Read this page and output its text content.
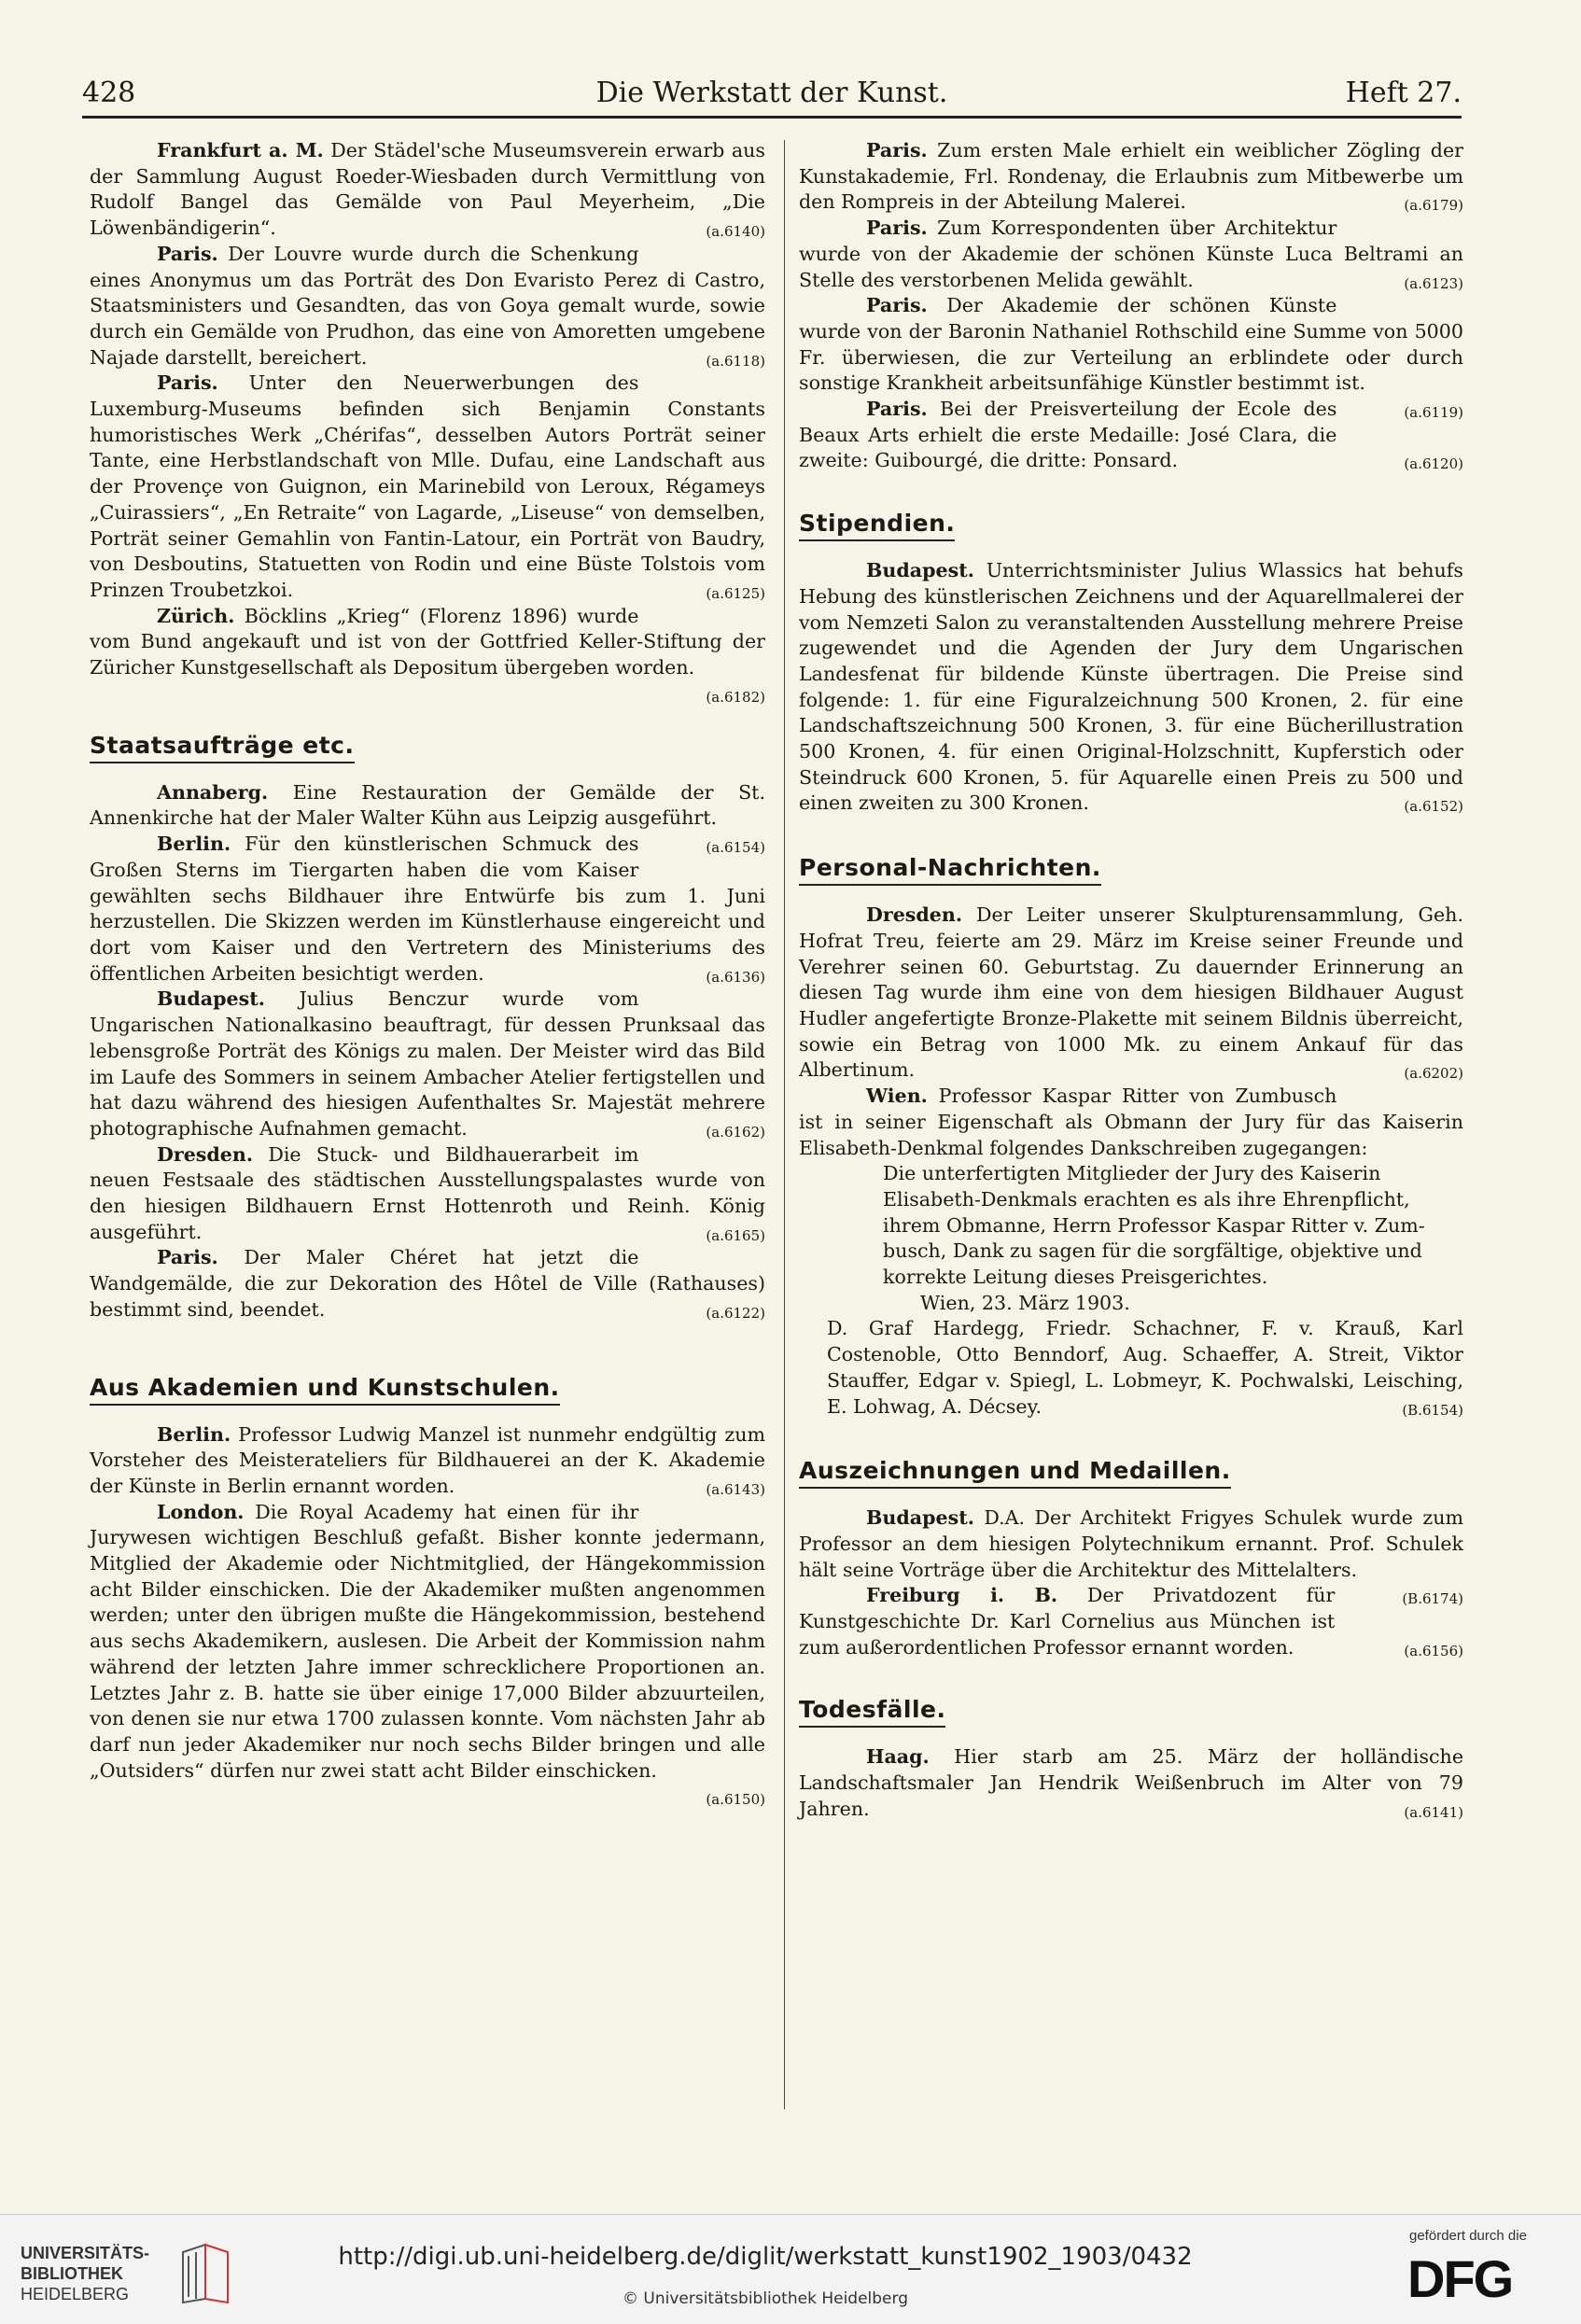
428	Die Werkstatt der Kunst.	Heft 27.

Frankfurt a. M. Der Städel'sche Museumsverein erwarb aus der Sammlung August Roeder-Wiesbaden durch Vermittlung von Rudolf Bangel das Gemälde von Paul Meyerheim, „Die Löwenbändigerin“.	(a.6140)

Paris. Der Louvre wurde durch die Schenkung eines Anonymus um das Porträt des Don Evaristo Perez di Castro, Staatsministers und Gesandten, das von Goya gemalt wurde, sowie durch ein Gemälde von Prudhon, das eine von Amoretten umgebene Najade darstellt, bereichert.	(a.6118)

Paris. Unter den Neuerwerbungen des Luxemburg-Museums befinden sich Benjamin Constants humoristisches Werk „Chérifas“, desselben Autors Porträt seiner Tante, eine Herbstlandschaft von Mlle. Dufau, eine Landschaft aus der Provençe von Guignon, ein Marinebild von Leroux, Régameys „Cuirassiers“, „En Retraite“ von Lagarde, „Liseuse“ von demselben, Porträt seiner Gemahlin von Fantin-Latour, ein Porträt von Baudry, von Desboutins, Statuetten von Rodin und eine Büste Tolstois vom Prinzen Troubetzkoi.	(a.6125)

Zürich. Böcklins „Krieg“ (Florenz 1896) wurde vom Bund angekauft und ist von der Gottfried Keller-Stiftung der Züricher Kunstgesellschaft als Depositum übergeben worden.
(a.6182)

Staatsaufträge etc.

Annaberg. Eine Restauration der Gemälde der St. Annenkirche hat der Maler Walter Kühn aus Leipzig ausgeführt.
(a.6154)

Berlin. Für den künstlerischen Schmuck des Großen Sterns im Tiergarten haben die vom Kaiser gewählten sechs Bildhauer ihre Entwürfe bis zum 1. Juni herzustellen. Die Skizzen werden im Künstlerhause eingereicht und dort vom Kaiser und den Vertretern des Ministeriums des öffentlichen Arbeiten besichtigt werden.	(a.6136)

Budapest. Julius Benczur wurde vom Ungarischen Nationalkasino beauftragt, für dessen Prunksaal das lebensgroße Porträt des Königs zu malen. Der Meister wird das Bild im Laufe des Sommers in seinem Ambacher Atelier fertigstellen und hat dazu während des hiesigen Aufenthaltes Sr. Majestät mehrere photographische Aufnahmen gemacht.	(a.6162)

Dresden. Die Stuck- und Bildhauerarbeit im neuen Festsaale des städtischen Ausstellungspalastes wurde von den hiesigen Bildhauern Ernst Hottenroth und Reinh. König ausgeführt.	(a.6165)

Paris. Der Maler Chéret hat jetzt die Wandgemälde, die zur Dekoration des Hôtel de Ville (Rathauses) bestimmt sind, beendet.	(a.6122)

Aus Akademien und Kunstschulen.

Berlin. Professor Ludwig Manzel ist nunmehr endgültig zum Vorsteher des Meisterateliers für Bildhauerei an der K. Akademie der Künste in Berlin ernannt worden.	(a.6143)

London. Die Royal Academy hat einen für ihr Jurywesen wichtigen Beschluß gefaßt. Bisher konnte jedermann, Mitglied der Akademie oder Nichtmitglied, der Hängekommission acht Bilder einschicken. Die der Akademiker mußten angenommen werden; unter den übrigen mußte die Hängekommission, bestehend aus sechs Akademikern, auslesen. Die Arbeit der Kommission nahm während der letzten Jahre immer schrecklichere Proportionen an. Letztes Jahr z. B. hatte sie über einige 17,000 Bilder abzuurteilen, von denen sie nur etwa 1700 zulassen konnte. Vom nächsten Jahr ab darf nun jeder Akademiker nur noch sechs Bilder bringen und alle „Outsiders“ dürfen nur zwei statt acht Bilder einschicken.
(a.6150)

Paris. Zum ersten Male erhielt ein weiblicher Zögling der Kunstakademie, Frl. Rondenay, die Erlaubnis zum Mitbewerbe um den Rompreis in der Abteilung Malerei.	(a.6179)

Paris. Zum Korrespondenten über Architektur wurde von der Akademie der schönen Künste Luca Beltrami an Stelle des verstorbenen Melida gewählt.	(a.6123)

Paris. Der Akademie der schönen Künste wurde von der Baronin Nathaniel Rothschild eine Summe von 5000 Fr. überwiesen, die zur Verteilung an erblindete oder durch sonstige Krankheit arbeitsunfähige Künstler bestimmt ist.
(a.6119)

Paris. Bei der Preisverteilung der Ecole des Beaux Arts erhielt die erste Medaille: José Clara, die zweite: Guibourgé, die dritte: Ponsard.	(a.6120)

Stipendien.

Budapest. Unterrichtsminister Julius Wlassics hat behufs Hebung des künstlerischen Zeichnens und der Aquarellmalerei der vom Nemzeti Salon zu veranstaltenden Ausstellung mehrere Preise zugewendet und die Agenden der Jury dem Ungarischen Landesfenat für bildende Künste übertragen. Die Preise sind folgende: 1. für eine Figuralzeichnung 500 Kronen, 2. für eine Landschaftszeichnung 500 Kronen, 3. für eine Bücherillustration 500 Kronen, 4. für einen Original-Holzschnitt, Kupferstich oder Steindruck 600 Kronen, 5. für Aquarelle einen Preis zu 500 und einen zweiten zu 300 Kronen.	(a.6152)

Personal-Nachrichten.

Dresden. Der Leiter unserer Skulpturensammlung, Geh. Hofrat Treu, feierte am 29. März im Kreise seiner Freunde und Verehrer seinen 60. Geburtstag. Zu dauernder Erinnerung an diesen Tag wurde ihm eine von dem hiesigen Bildhauer August Hudler angefertigte Bronze-Plakette mit seinem Bildnis überreicht, sowie ein Betrag von 1000 Mk. zu einem Ankauf für das Albertinum.	(a.6202)

Wien. Professor Kaspar Ritter von Zumbusch ist in seiner Eigenschaft als Obmann der Jury für das Kaiserin Elisabeth-Denkmal folgendes Dankschreiben zugegangen:

Die unterfertigten Mitglieder der Jury des Kaiserin
Elisabeth-Denkmals erachten es als ihre Ehrenpflicht,
ihrem Obmanne, Herrn Professor Kaspar Ritter v. Zum-
busch, Dank zu sagen für die sorgfältige, objektive und
korrekte Leitung dieses Preisgerichtes.
Wien, 23. März 1903.

D. Graf Hardegg, Friedr. Schachner, F. v. Krauß, Karl Costenoble, Otto Benndorf, Aug. Schaeffer, A. Streit, Viktor Stauffer, Edgar v. Spiegl, L. Lobmeyr, K. Pochwalski, Leisching, E. Lohwag, A. Décsey.	(B.6154)

Auszeichnungen und Medaillen.

Budapest. D.A. Der Architekt Frigyes Schulek wurde zum Professor an dem hiesigen Polytechnikum ernannt. Prof. Schulek hält seine Vorträge über die Architektur des Mittelalters.
(B.6174)

Freiburg i. B. Der Privatdozent für Kunstgeschichte Dr. Karl Cornelius aus München ist zum außerordentlichen Professor ernannt worden.	(a.6156)

Todesfälle.

Haag. Hier starb am 25. März der holländische Landschaftsmaler Jan Hendrik Weißenbruch im Alter von 79 Jahren.	(a.6141)

UNIVERSITÄTS-
BIBLIOTHEK
HEIDELBERG
http://digi.ub.uni-heidelberg.de/diglit/werkstatt_kunst1902_1903/0432
© Universitätsbibliothek Heidelberg
gefördert durch die
DFG
